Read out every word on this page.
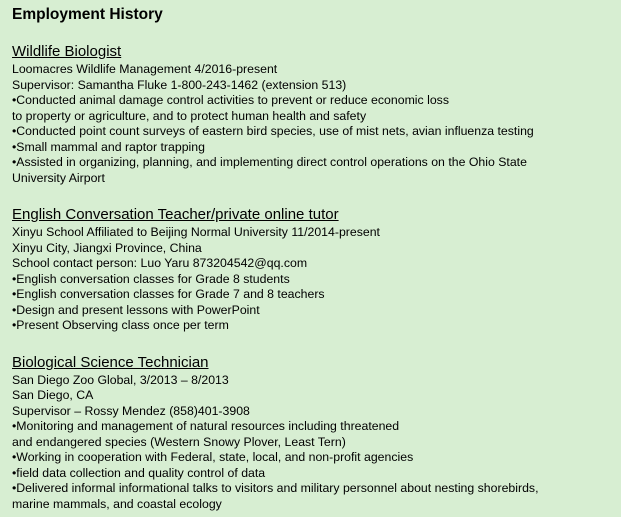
Employment History
Wildlife Biologist
Loomacres Wildlife Management 4/2016-present
Supervisor: Samantha Fluke 1-800-243-1462 (extension 513)
•Conducted animal damage control activities to prevent or reduce economic loss
to property or agriculture, and to protect human health and safety
•Conducted point count surveys of eastern bird species, use of mist nets, avian influenza testing
•Small mammal and raptor trapping
•Assisted in organizing, planning, and implementing direct control operations on the Ohio State
University Airport
English Conversation Teacher/private online tutor
Xinyu School Affiliated to Beijing Normal University 11/2014-present
Xinyu City, Jiangxi Province, China
School contact person: Luo Yaru 873204542@qq.com
•English conversation classes for Grade 8 students
•English conversation classes for Grade 7 and 8 teachers
•Design and present lessons with PowerPoint
•Present Observing class once per term
Biological Science Technician
San Diego Zoo Global, 3/2013 – 8/2013
San Diego, CA
Supervisor – Rossy Mendez (858)401-3908
•Monitoring and management of natural resources including threatened
and endangered species (Western Snowy Plover, Least Tern)
•Working in cooperation with Federal, state, local, and non-profit agencies
•field data collection and quality control of data
•Delivered informal informational talks to visitors and military personnel about nesting shorebirds,
marine mammals, and coastal ecology
